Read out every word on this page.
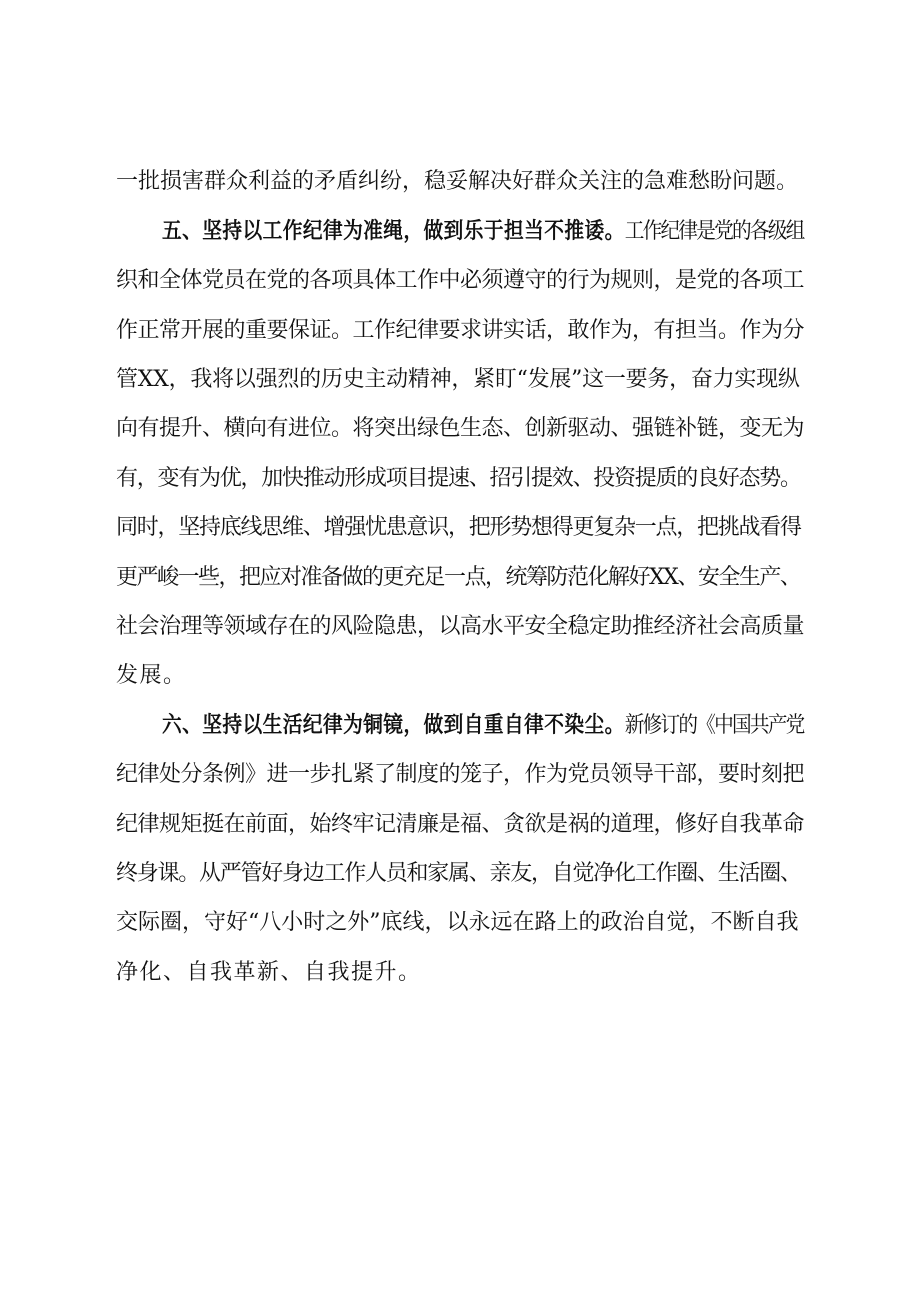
一批损害群众利益的矛盾纠纷，稳妥解决好群众关注的急难愁盼问题。
五、坚持以工作纪律为准绳，做到乐于担当不推诿。工作纪律是党的各级组
织和全体党员在党的各项具体工作中必须遵守的行为规则，是党的各项工
作正常开展的重要保证。工作纪律要求讲实话，敢作为，有担当。作为分
管XX，我将以强烈的历史主动精神，紧盯“发展”这一要务，奋力实现纵
向有提升、横向有进位。将突出绿色生态、创新驱动、强链补链，变无为
有，变有为优，加快推动形成项目提速、招引提效、投资提质的良好态势。
同时，坚持底线思维、增强忧患意识，把形势想得更复杂一点，把挑战看得
更严峻一些，把应对准备做的更充足一点，统筹防范化解好XX、安全生产、
社会治理等领域存在的风险隐患，以高水平安全稳定助推经济社会高质量
发展。
六、坚持以生活纪律为铜镜，做到自重自律不染尘。新修订的《中国共产党
纪律处分条例》进一步扎紧了制度的笼子，作为党员领导干部，要时刻把
纪律规矩挺在前面，始终牢记清廉是福、贪欲是祸的道理，修好自我革命
终身课。从严管好身边工作人员和家属、亲友，自觉净化工作圈、生活圈、
交际圈，守好“八小时之外”底线，以永远在路上的政治自觉，不断自我
净化、自我革新、自我提升。
